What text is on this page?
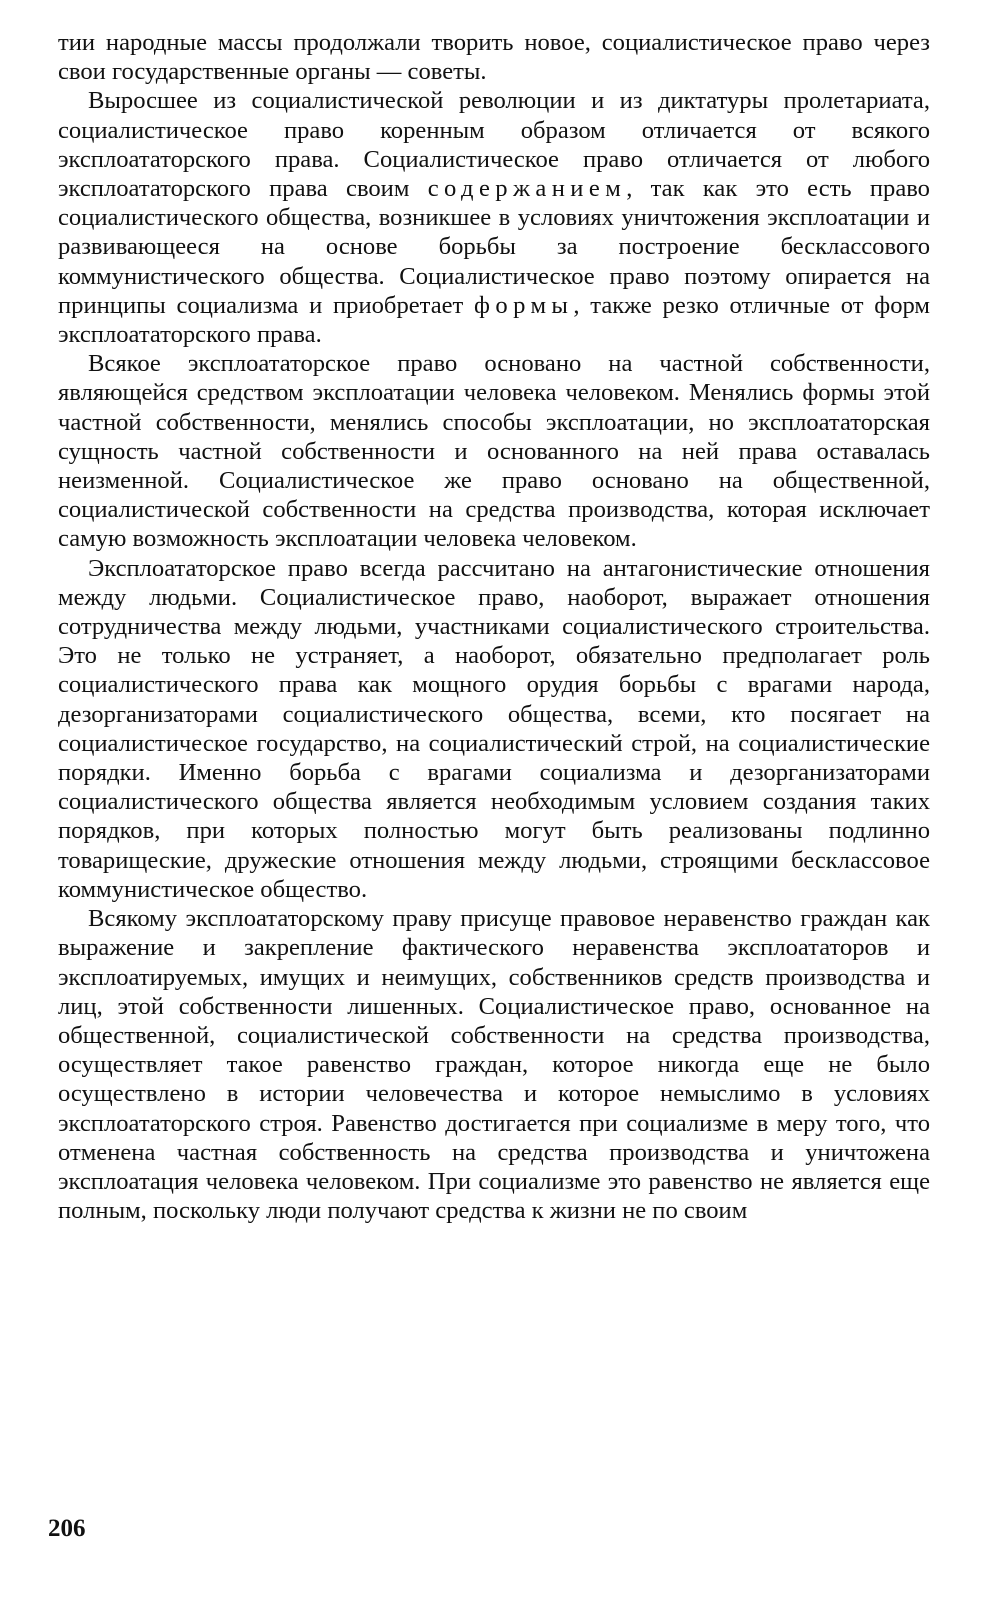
тии народные массы продолжали творить новое, социалистическое право через свои государственные органы — советы.

Выросшее из социалистической революции и из диктатуры пролетариата, социалистическое право коренным образом отличается от всякого эксплоататорского права. Социалистическое право отличается от любого эксплоататорского права своим содержанием, так как это есть право социалистического общества, возникшее в условиях уничтожения эксплоатации и развивающееся на основе борьбы за построение бесклассового коммунистического общества. Социалистическое право поэтому опирается на принципы социализма и приобретает формы, также резко отличные от форм эксплоататорского права.

Всякое эксплоататорское право основано на частной собственности, являющейся средством эксплоатации человека человеком. Менялись формы этой частной собственности, менялись способы эксплоатации, но эксплоататорская сущность частной собственности и основанного на ней права оставалась неизменной. Социалистическое же право основано на общественной, социалистической собственности на средства производства, которая исключает самую возможность эксплоатации человека человеком.

Эксплоататорское право всегда рассчитано на антагонистические отношения между людьми. Социалистическое право, наоборот, выражает отношения сотрудничества между людьми, участниками социалистического строительства. Это не только не устраняет, а наоборот, обязательно предполагает роль социалистического права как мощного орудия борьбы с врагами народа, дезорганизаторами социалистического общества, всеми, кто посягает на социалистическое государство, на социалистический строй, на социалистические порядки. Именно борьба с врагами социализма и дезорганизаторами социалистического общества является необходимым условием создания таких порядков, при которых полностью могут быть реализованы подлинно товарищеские, дружеские отношения между людьми, строящими бесклассовое коммунистическое общество.

Всякому эксплоататорскому праву присуще правовое неравенство граждан как выражение и закрепление фактического неравенства эксплоататоров и эксплоатируемых, имущих и неимущих, собственников средств производства и лиц, этой собственности лишенных. Социалистическое право, основанное на общественной, социалистической собственности на средства производства, осуществляет такое равенство граждан, которое никогда еще не было осуществлено в истории человечества и которое немыслимо в условиях эксплоататорского строя. Равенство достигается при социализме в меру того, что отменена частная собственность на средства производства и уничтожена эксплоатация человека человеком. При социализме это равенство не является еще полным, поскольку люди получают средства к жизни не по своим

206
